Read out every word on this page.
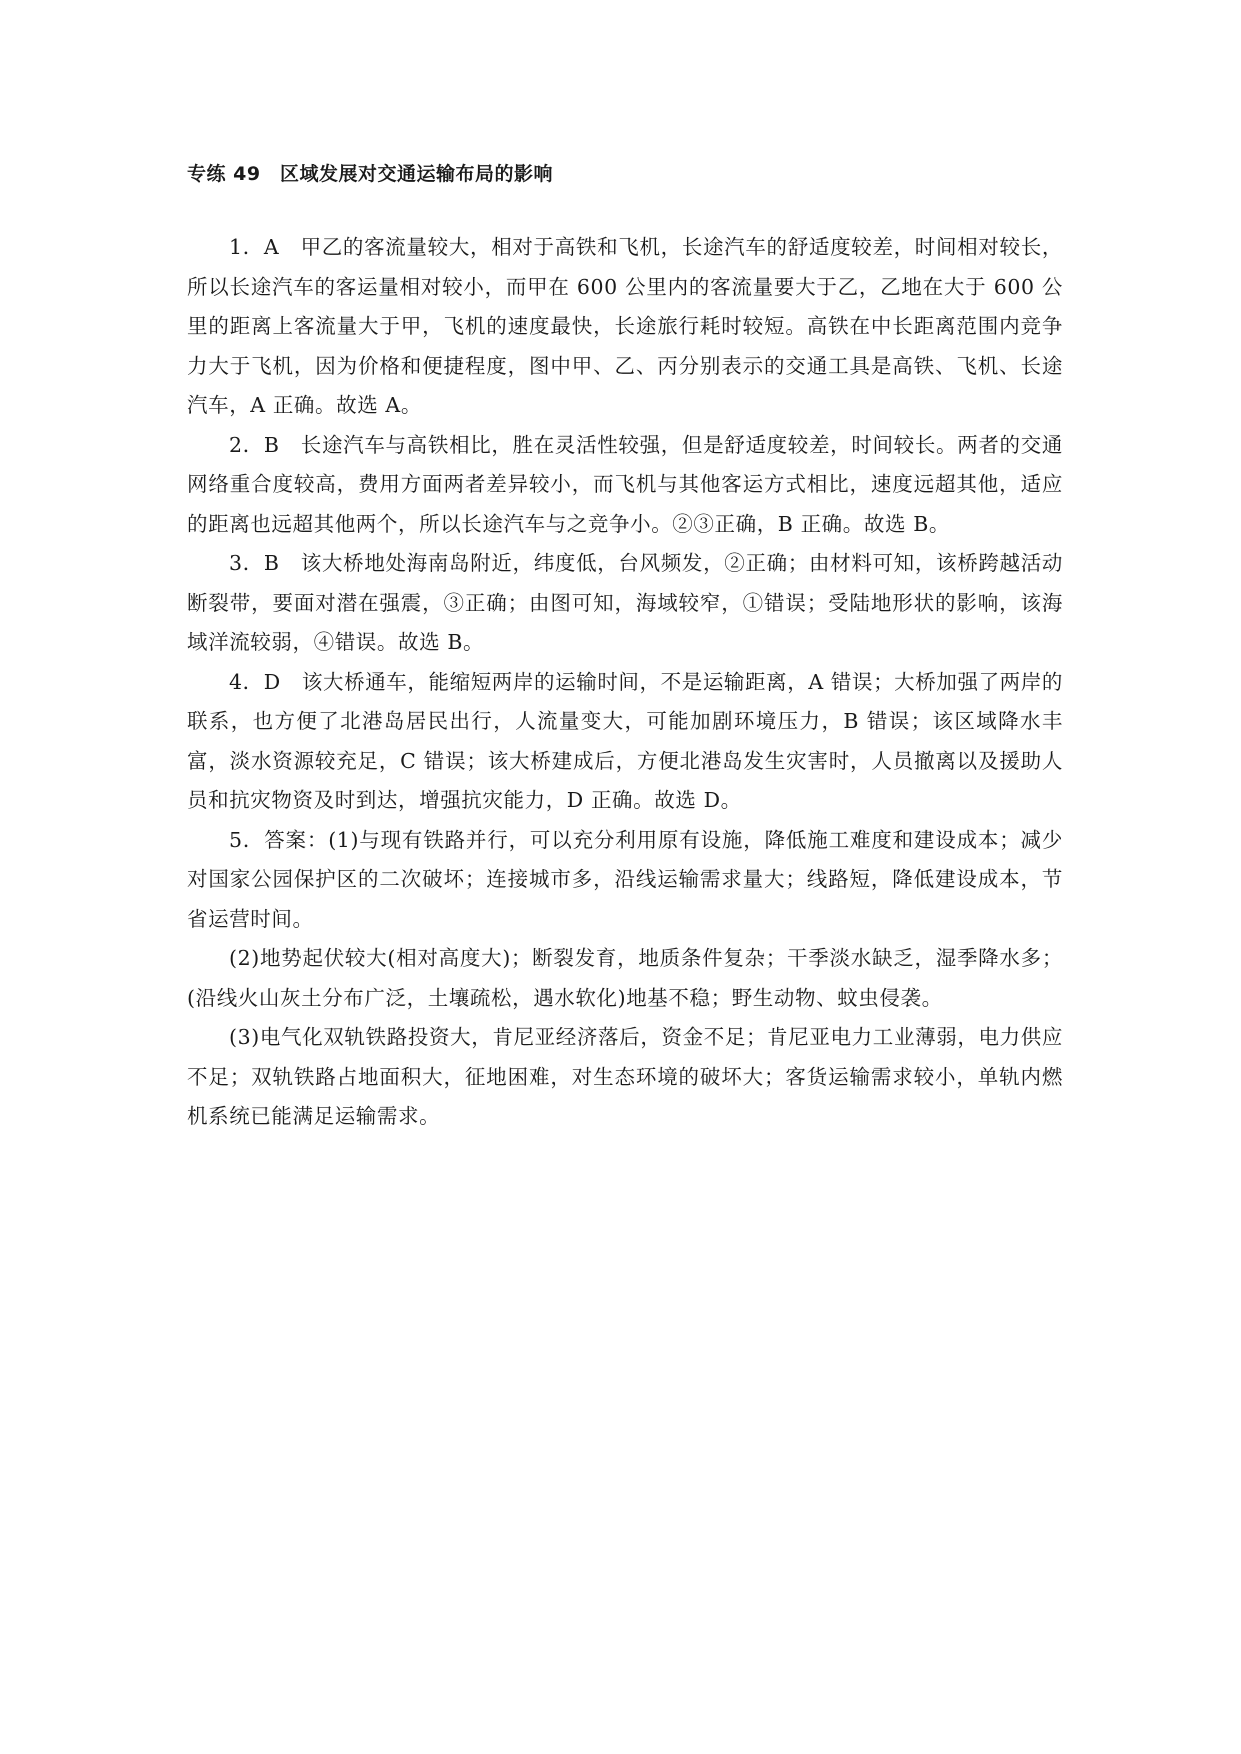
专练 49　区域发展对交通运输布局的影响

1．A　甲乙的客流量较大，相对于高铁和飞机，长途汽车的舒适度较差，时间相对较长，所以长途汽车的客运量相对较小，而甲在 600 公里内的客流量要大于乙，乙地在大于 600 公里的距离上客流量大于甲，飞机的速度最快，长途旅行耗时较短。高铁在中长距离范围内竞争力大于飞机，因为价格和便捷程度，图中甲、乙、丙分别表示的交通工具是高铁、飞机、长途汽车，A 正确。故选 A。

2．B　长途汽车与高铁相比，胜在灵活性较强，但是舒适度较差，时间较长。两者的交通网络重合度较高，费用方面两者差异较小，而飞机与其他客运方式相比，速度远超其他，适应的距离也远超其他两个，所以长途汽车与之竞争小。②③正确，B 正确。故选 B。

3．B　该大桥地处海南岛附近，纬度低，台风频发，②正确；由材料可知，该桥跨越活动断裂带，要面对潜在强震，③正确；由图可知，海域较窄，①错误；受陆地形状的影响，该海域洋流较弱，④错误。故选 B。

4．D　该大桥通车，能缩短两岸的运输时间，不是运输距离，A 错误；大桥加强了两岸的联系，也方便了北港岛居民出行，人流量变大，可能加剧环境压力，B 错误；该区域降水丰富，淡水资源较充足，C 错误；该大桥建成后，方便北港岛发生灾害时，人员撤离以及援助人员和抗灾物资及时到达，增强抗灾能力，D 正确。故选 D。

5．答案：(1)与现有铁路并行，可以充分利用原有设施，降低施工难度和建设成本；减少对国家公园保护区的二次破坏；连接城市多，沿线运输需求量大；线路短，降低建设成本，节省运营时间。

(2)地势起伏较大(相对高度大)；断裂发育，地质条件复杂；干季淡水缺乏，湿季降水多；(沿线火山灰土分布广泛，土壤疏松，遇水软化)地基不稳；野生动物、蚊虫侵袭。

(3)电气化双轨铁路投资大，肯尼亚经济落后，资金不足；肯尼亚电力工业薄弱，电力供应不足；双轨铁路占地面积大，征地困难，对生态环境的破坏大；客货运输需求较小，单轨内燃机系统已能满足运输需求。
